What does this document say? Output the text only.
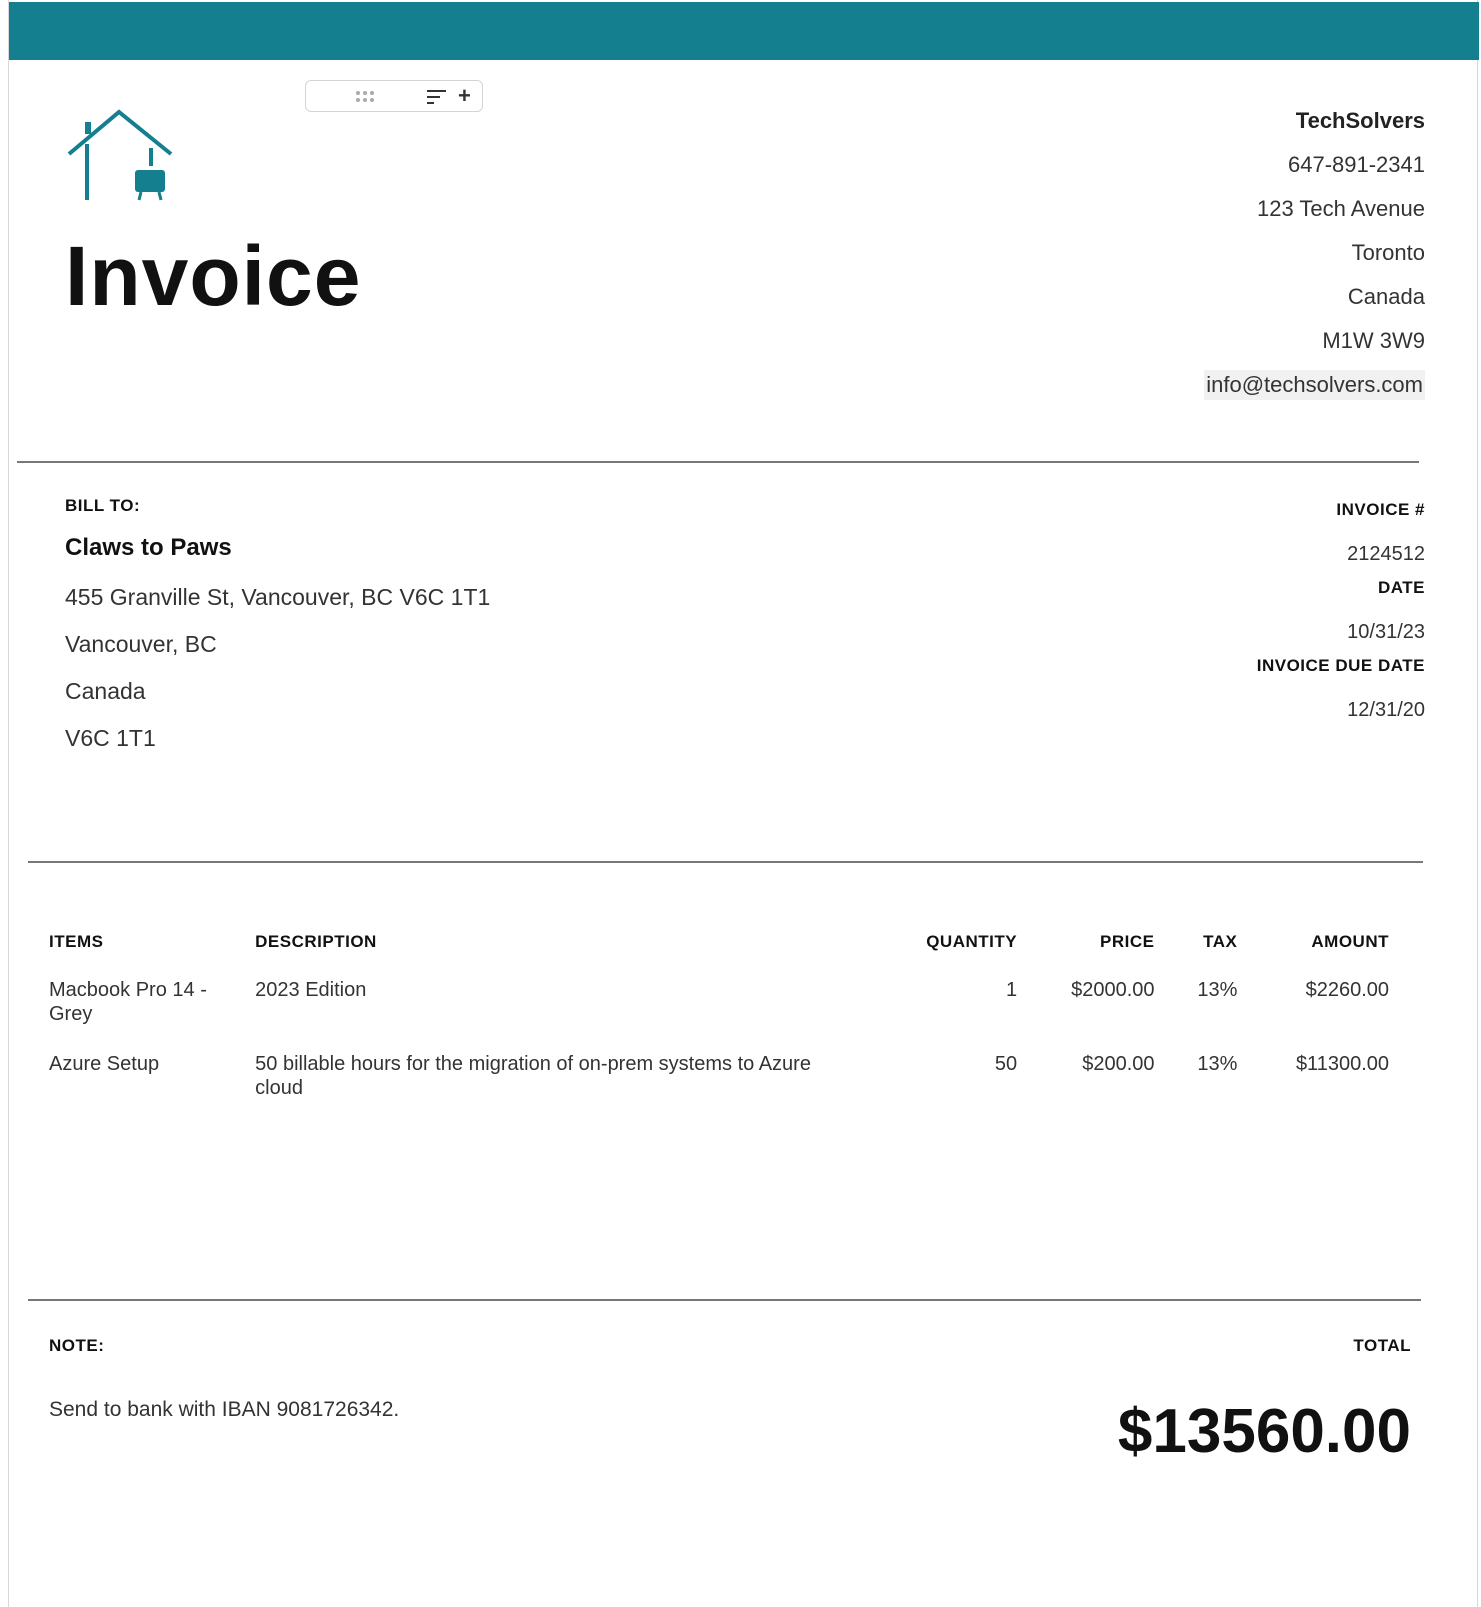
+
Invoice
TechSolvers
647-891-2341
123 Tech Avenue
Toronto
Canada
M1W 3W9
info@techsolvers.com
BILL TO:
Claws to Paws
455 Granville St, Vancouver, BC V6C 1T1
Vancouver, BC
Canada
V6C 1T1
INVOICE #
2124512
DATE
10/31/23
INVOICE DUE DATE
12/31/20
ITEMS	DESCRIPTION	QUANTITY	PRICE	TAX	AMOUNT
Macbook Pro 14 - Grey	2023 Edition	1	$2000.00	13%	$2260.00
Azure Setup	50 billable hours for the migration of on-prem systems to Azure cloud	50	$200.00	13%	$11300.00
NOTE:
Send to bank with IBAN 9081726342.
TOTAL
$13560.00
